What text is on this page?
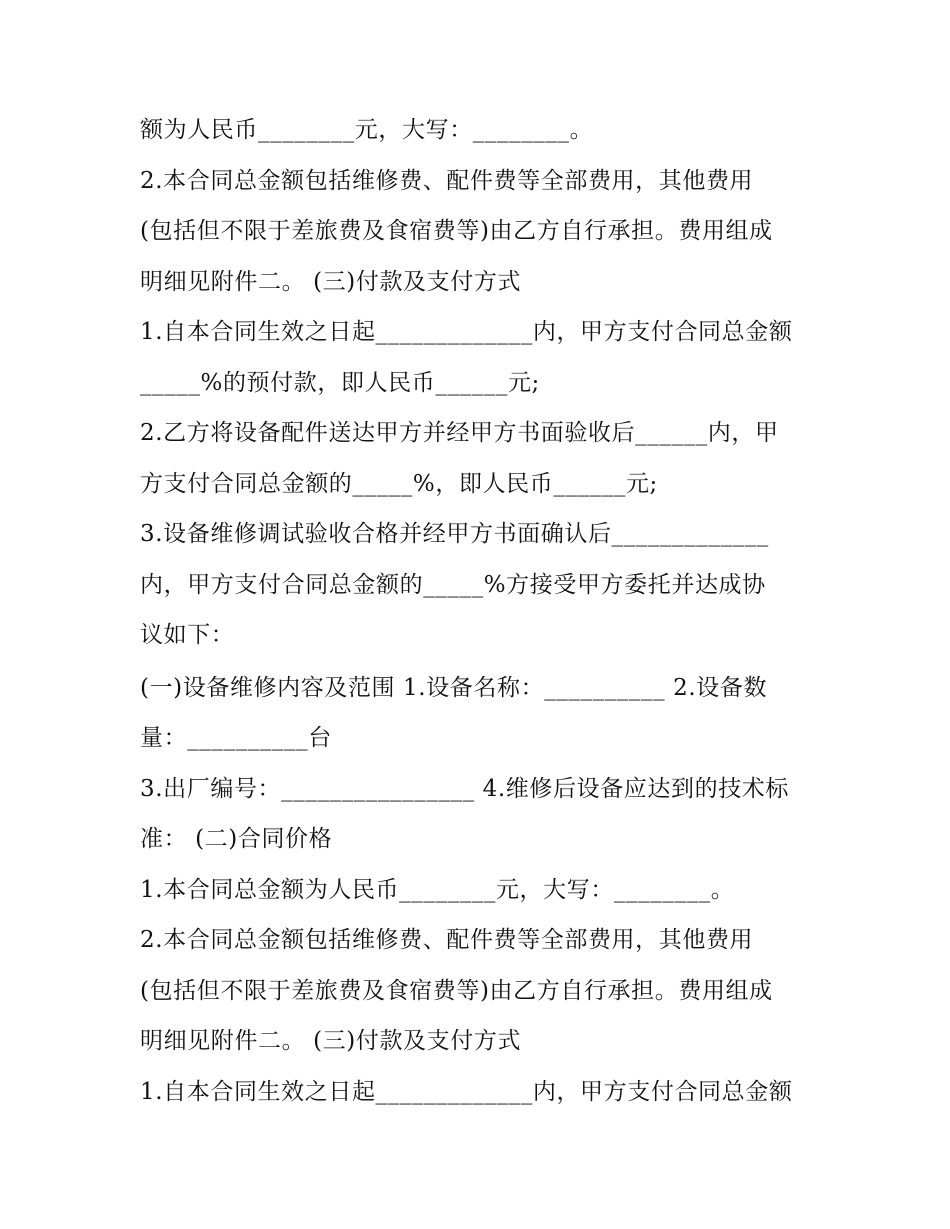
额为人民币________元，大写：________。
2.本合同总金额包括维修费、配件费等全部费用，其他费用
(包括但不限于差旅费及食宿费等)由乙方自行承担。费用组成
明细见附件二。 (三)付款及支付方式
1.自本合同生效之日起_____________内，甲方支付合同总金额
_____%的预付款，即人民币______元;
2.乙方将设备配件送达甲方并经甲方书面验收后______内，甲
方支付合同总金额的_____%，即人民币______元;
3.设备维修调试验收合格并经甲方书面确认后_____________
内，甲方支付合同总金额的_____%方接受甲方委托并达成协
议如下：
(一)设备维修内容及范围 1.设备名称：__________ 2.设备数
量：__________台
3.出厂编号：________________ 4.维修后设备应达到的技术标
准： (二)合同价格
1.本合同总金额为人民币________元，大写：________。
2.本合同总金额包括维修费、配件费等全部费用，其他费用
(包括但不限于差旅费及食宿费等)由乙方自行承担。费用组成
明细见附件二。 (三)付款及支付方式
1.自本合同生效之日起_____________内，甲方支付合同总金额
